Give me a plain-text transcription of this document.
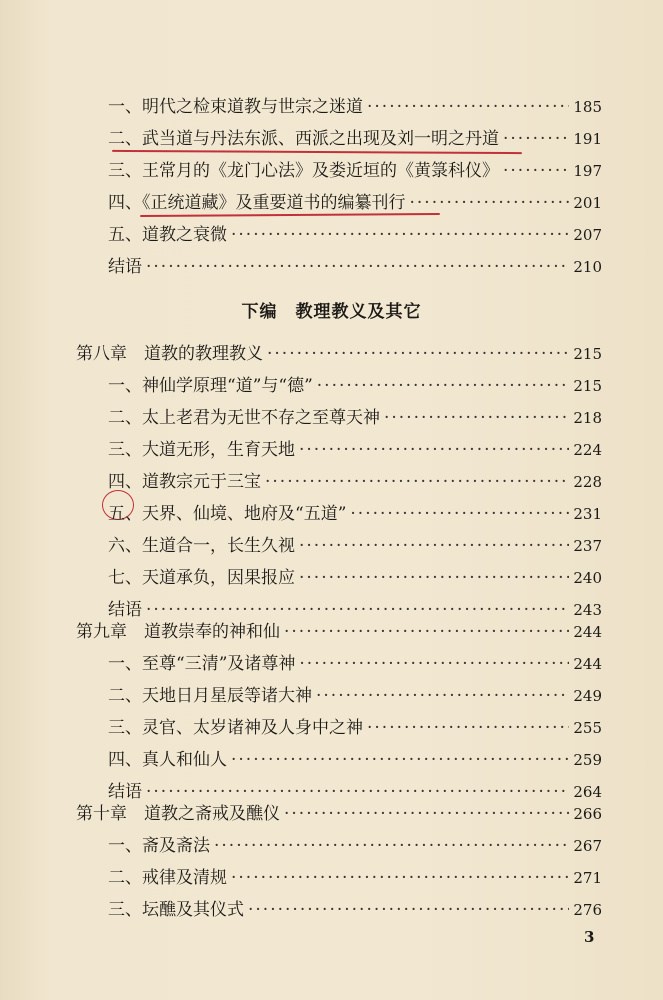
一、明代之检束道教与世宗之迷道 ·····	185
二、武当道与丹法东派、西派之出现及刘一明之丹道 ·····	191
三、王常月的《龙门心法》及娄近垣的《黄箓科仪》 ·····	197
四、《正统道藏》及重要道书的编纂刊行 ·····	201
五、道教之衰微 ·····	207
结语 ·····	210
下编　教理教义及其它
第八章　道教的教理教义 ·····	215
一、神仙学原理“道”与“德” ·····	215
二、太上老君为无世不存之至尊天神 ·····	218
三、大道无形，生育天地 ·····	224
四、道教宗元于三宝 ·····	228
五、天界、仙境、地府及“五道” ·····	231
六、生道合一，长生久视 ·····	237
七、天道承负，因果报应 ·····	240
结语 ·····	243
第九章　道教崇奉的神和仙 ·····	244
一、至尊“三清”及诸尊神 ·····	244
二、天地日月星辰等诸大神 ·····	249
三、灵官、太岁诸神及人身中之神 ·····	255
四、真人和仙人 ·····	259
结语 ·····	264
第十章　道教之斋戒及醮仪 ·····	266
一、斋及斋法 ·····	267
二、戒律及清规 ·····	271
三、坛醮及其仪式 ·····	276
3
